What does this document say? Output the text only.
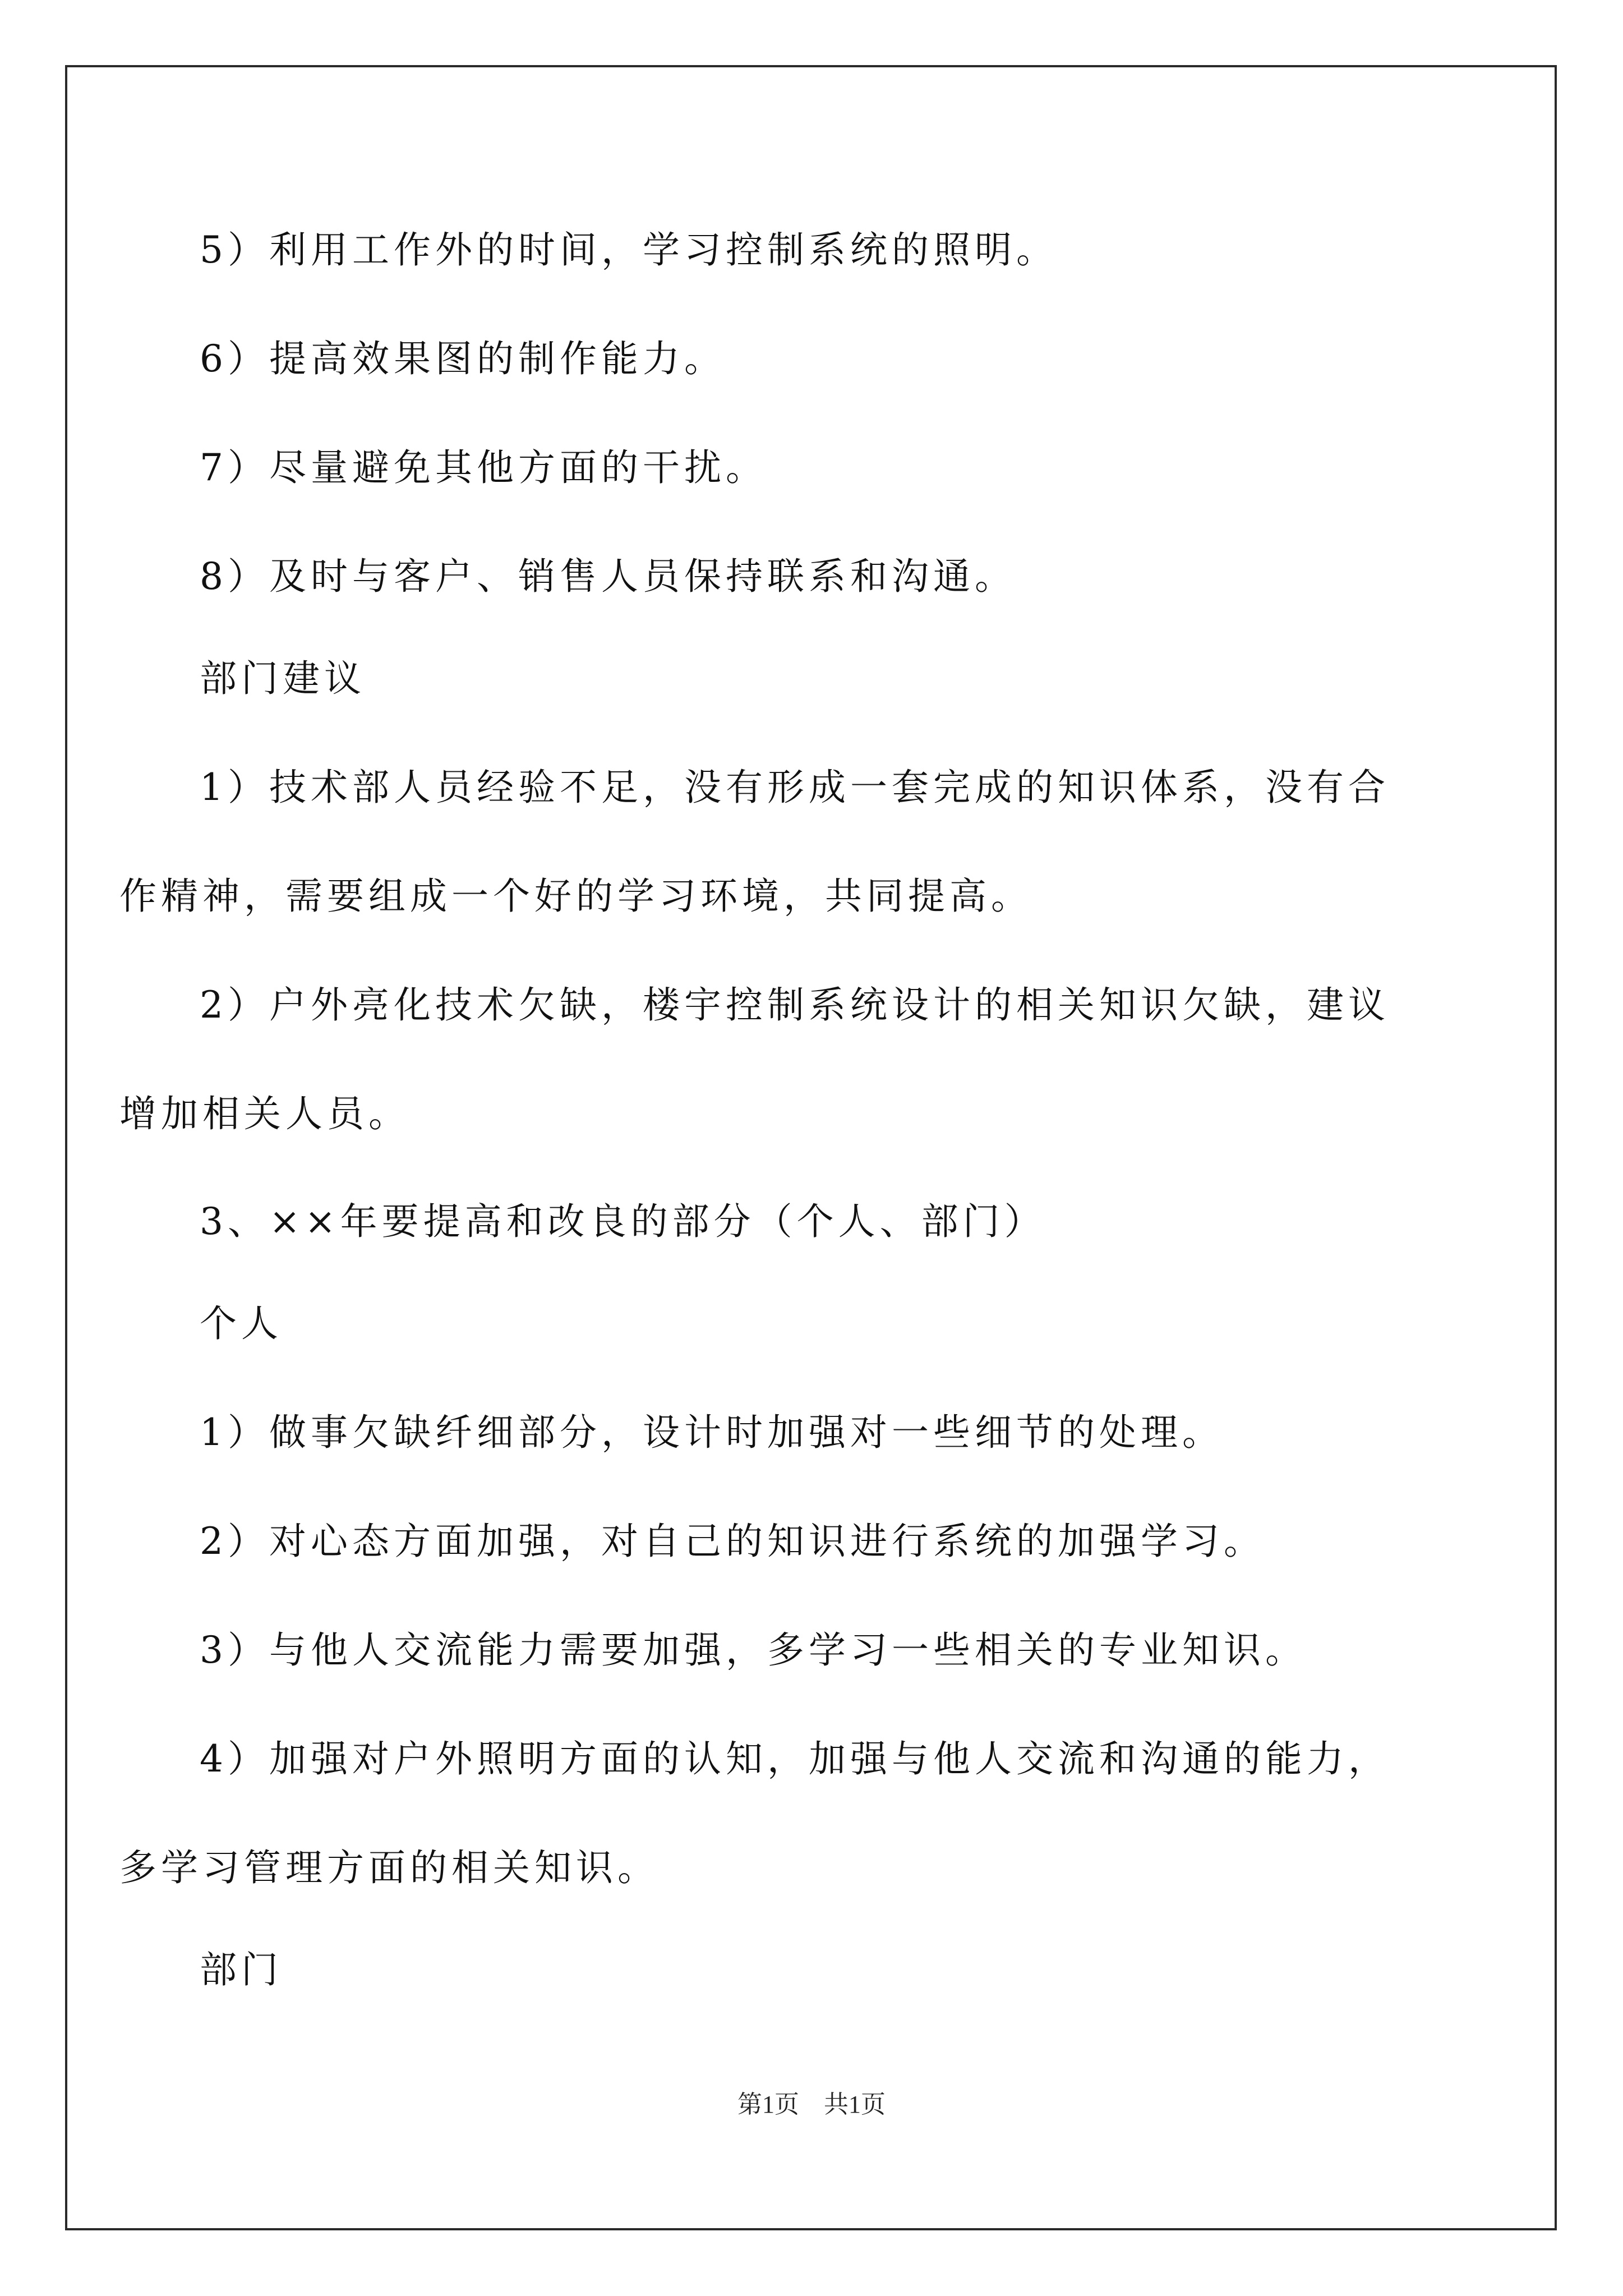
5）利用工作外的时间，学习控制系统的照明。
6）提高效果图的制作能力。
7）尽量避免其他方面的干扰。
8）及时与客户、销售人员保持联系和沟通。
部门建议
1）技术部人员经验不足，没有形成一套完成的知识体系，没有合
作精神，需要组成一个好的学习环境，共同提高。
2）户外亮化技术欠缺，楼宇控制系统设计的相关知识欠缺，建议
增加相关人员。
3、××年要提高和改良的部分（个人、部门）
个人
1）做事欠缺纤细部分，设计时加强对一些细节的处理。
2）对心态方面加强，对自己的知识进行系统的加强学习。
3）与他人交流能力需要加强，多学习一些相关的专业知识。
4）加强对户外照明方面的认知，加强与他人交流和沟通的能力，
多学习管理方面的相关知识。
部门
第1页 共1页
